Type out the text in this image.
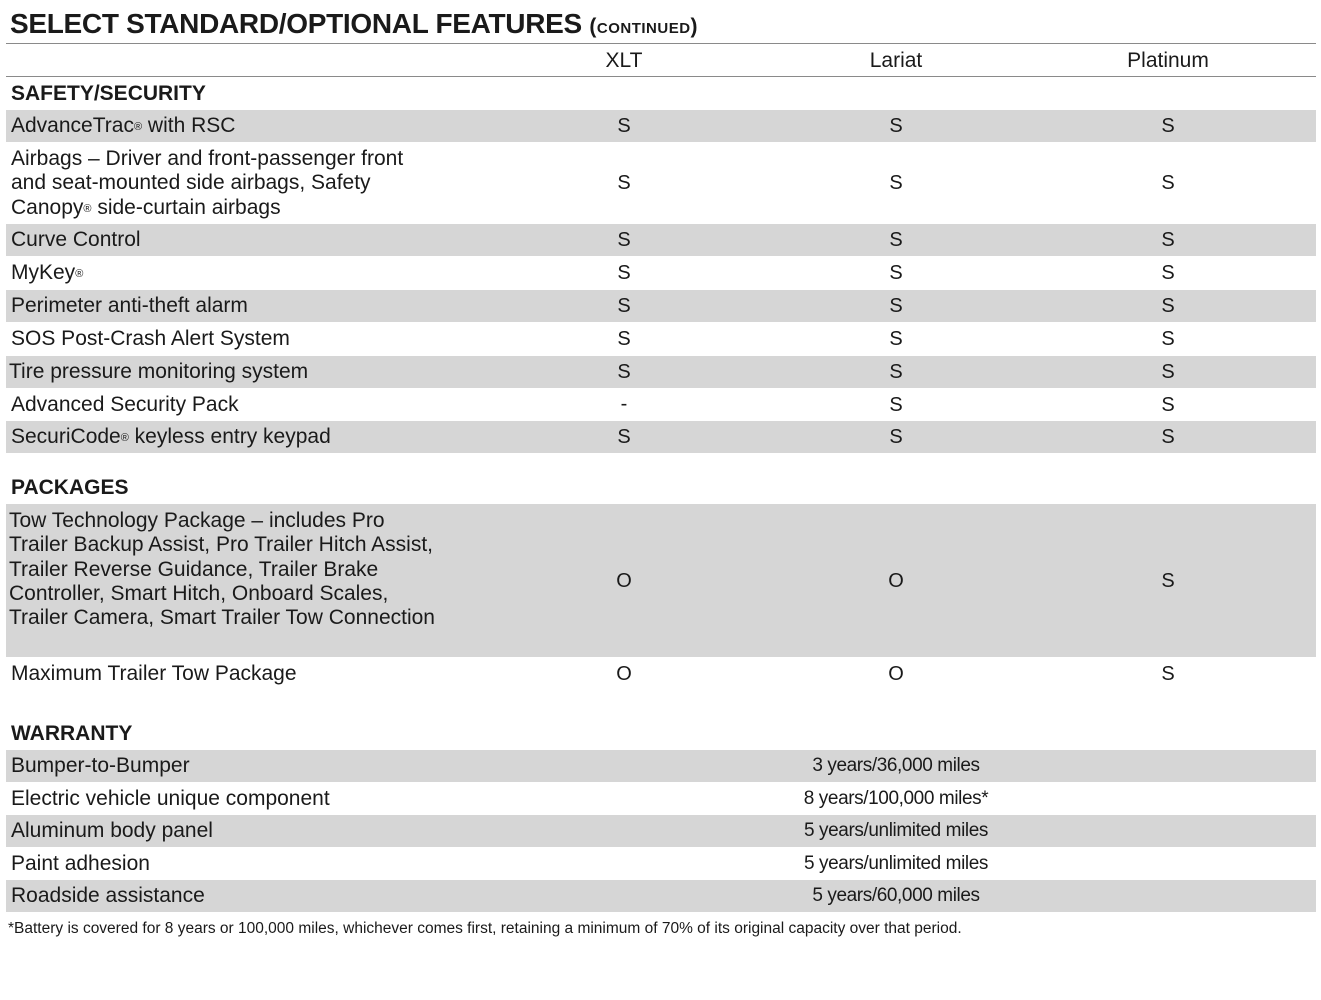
SELECT STANDARD/OPTIONAL FEATURES (continued)
XLT	Lariat	Platinum
SAFETY/SECURITY
AdvanceTrac® with RSC	S	S	S
Airbags – Driver and front-passenger front
and seat-mounted side airbags, Safety
Canopy® side-curtain airbags
S	S	S
Curve Control	S	S	S
MyKey®	S	S	S
Perimeter anti-theft alarm	S	S	S
SOS Post-Crash Alert System	S	S	S
Tire pressure monitoring system	S	S	S
Advanced Security Pack	-	S	S
SecuriCode® keyless entry keypad	S	S	S
PACKAGES
Tow Technology Package – includes Pro Trailer Backup Assist, Pro Trailer Hitch Assist, Trailer Reverse Guidance, Trailer Brake Controller, Smart Hitch, Onboard Scales, Trailer Camera, Smart Trailer Tow Connection
O	O	S
Maximum Trailer Tow Package	O	O	S
WARRANTY
Bumper-to-Bumper	3 years/36,000 miles
Electric vehicle unique component	8 years/100,000 miles*
Aluminum body panel	5 years/unlimited miles
Paint adhesion	5 years/unlimited miles
Roadside assistance	5 years/60,000 miles
*Battery is covered for 8 years or 100,000 miles, whichever comes first, retaining a minimum of 70% of its original capacity over that period.
